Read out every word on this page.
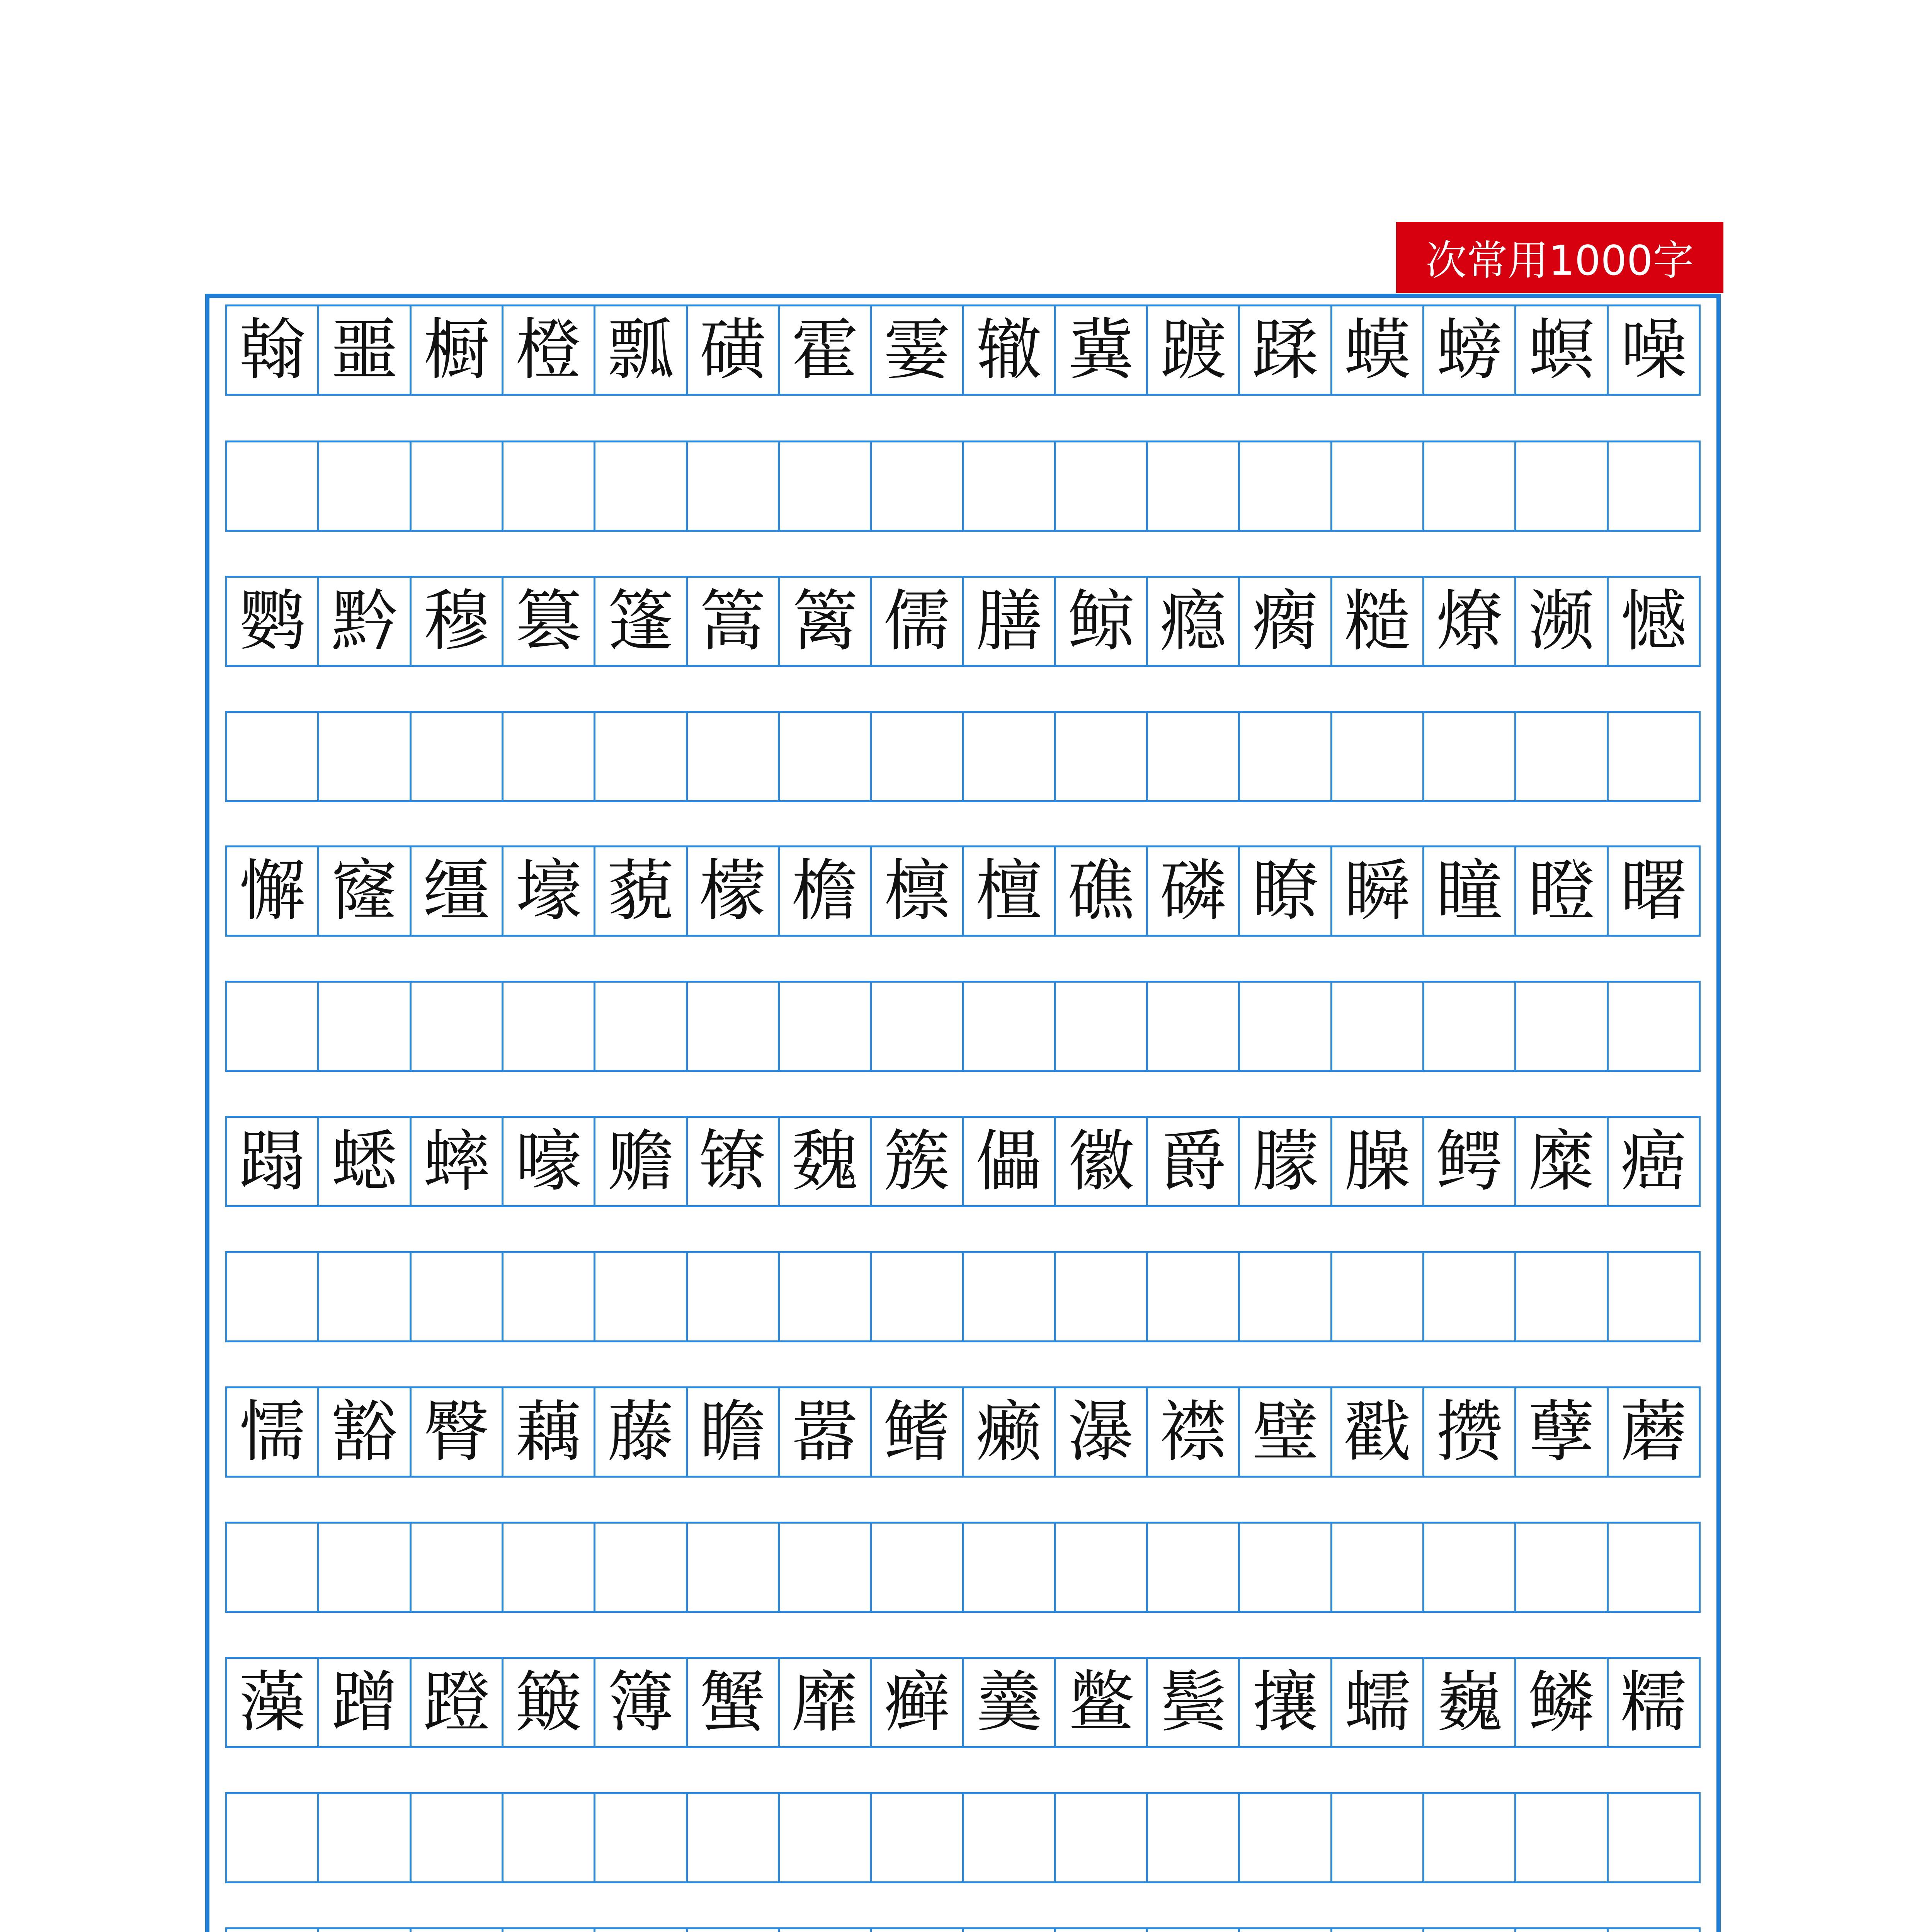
次常用1000字
翰 噩 橱 橙 瓢 磺 霍 霎 辙 冀 踱 蹂 蟆 螃 螟 噪
鹦 黔 穆 篡 篷 篙 篱 儒 膳 鲸 瘾 瘸 糙 燎 濒 憾
懈 窿 缰 壕 藐 檬 檐 檩 檀 礁 磷 瞭 瞬 瞳 瞪 曙
蹋 蟋 蟀 嚎 赡 镣 魏 簇 儡 徽 爵 朦 臊 鳄 糜 癌
懦 豁 臀 藕 藤 瞻 嚣 鳍 癞 瀑 襟 璧 戳 攒 孽 蘑
藻 蹭 蹬 簸 簿 蟹 靡 癣 羹 鳖 鬓 攘 蠕 巍 鳞 糯
